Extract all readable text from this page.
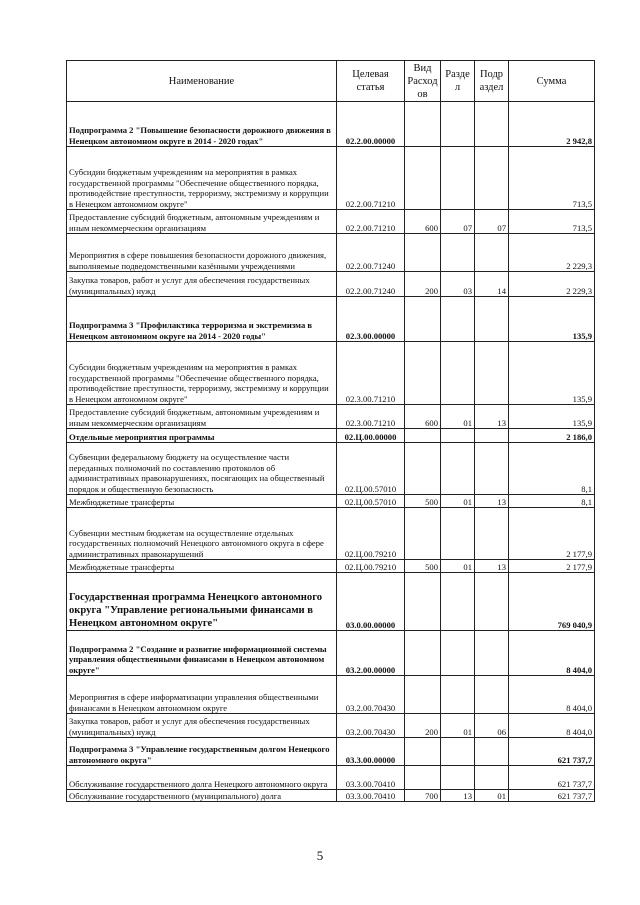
Наименование	Целевая статья	Вид Расход ов	Разде л	Подр аздел	Сумма
Подпрограмма 2 "Повышение безопасности дорожного движения в Ненецком автономном округе в 2014 - 2020 годах"	02.2.00.00000				2 942,8
Субсидии бюджетным учреждениям на мероприятия в рамках государственной программы "Обеспечение общественного порядка, противодействие преступности, терроризму, экстремизму и коррупции в Ненецком автономном округе"	02.2.00.71210				713,5
Предоставление субсидий бюджетным, автономным учреждениям и иным некоммерческим организациям	02.2.00.71210	600	07	07	713,5
Мероприятия в сфере повышения безопасности дорожного движения, выполняемые подведомственными казёнными учреждениями	02.2.00.71240				2 229,3
Закупка товаров, работ и услуг для обеспечения государственных (муниципальных) нужд	02.2.00.71240	200	03	14	2 229,3
Подпрограмма 3 "Профилактика терроризма и экстремизма в Ненецком автономном округе на 2014 - 2020 годы"	02.3.00.00000				135,9
Субсидии бюджетным учреждениям на мероприятия в рамках государственной программы "Обеспечение общественного порядка, противодействие преступности, терроризму, экстремизму и коррупции в Ненецком автономном округе"	02.3.00.71210				135,9
Предоставление субсидий бюджетным, автономным учреждениям и иным некоммерческим организациям	02.3.00.71210	600	01	13	135,9
Отдельные мероприятия программы	02.Ц.00.00000				2 186,0
Субвенции федеральному бюджету на осуществление части переданных полномочий по составлению протоколов об административных правонарушениях, посягающих на общественный порядок и общественную безопасность	02.Ц.00.57010				8,1
Межбюджетные трансферты	02.Ц.00.57010	500	01	13	8,1
Субвенции местным бюджетам на осуществление отдельных государственных полномочий Ненецкого автономного округа в сфере административных правонарушений	02.Ц.00.79210				2 177,9
Межбюджетные трансферты	02.Ц.00.79210	500	01	13	2 177,9
Государственная программа Ненецкого автономного округа "Управление региональными финансами в Ненецком автономном округе"	03.0.00.00000				769 040,9
Подпрограмма 2 "Создание и развитие информационной системы управления общественными финансами в Ненецком автономном округе"	03.2.00.00000				8 404,0
Мероприятия в сфере информатизации управления общественными финансами в Ненецком автономном округе	03.2.00.70430				8 404,0
Закупка товаров, работ и услуг для обеспечения государственных (муниципальных) нужд	03.2.00.70430	200	01	06	8 404,0
Подпрограмма 3 "Управление государственным долгом Ненецкого автономного округа"	03.3.00.00000				621 737,7
Обслуживание государственного долга Ненецкого автономного округа	03.3.00.70410				621 737,7
Обслуживание государственного (муниципального) долга	03.3.00.70410	700	13	01	621 737,7
5
